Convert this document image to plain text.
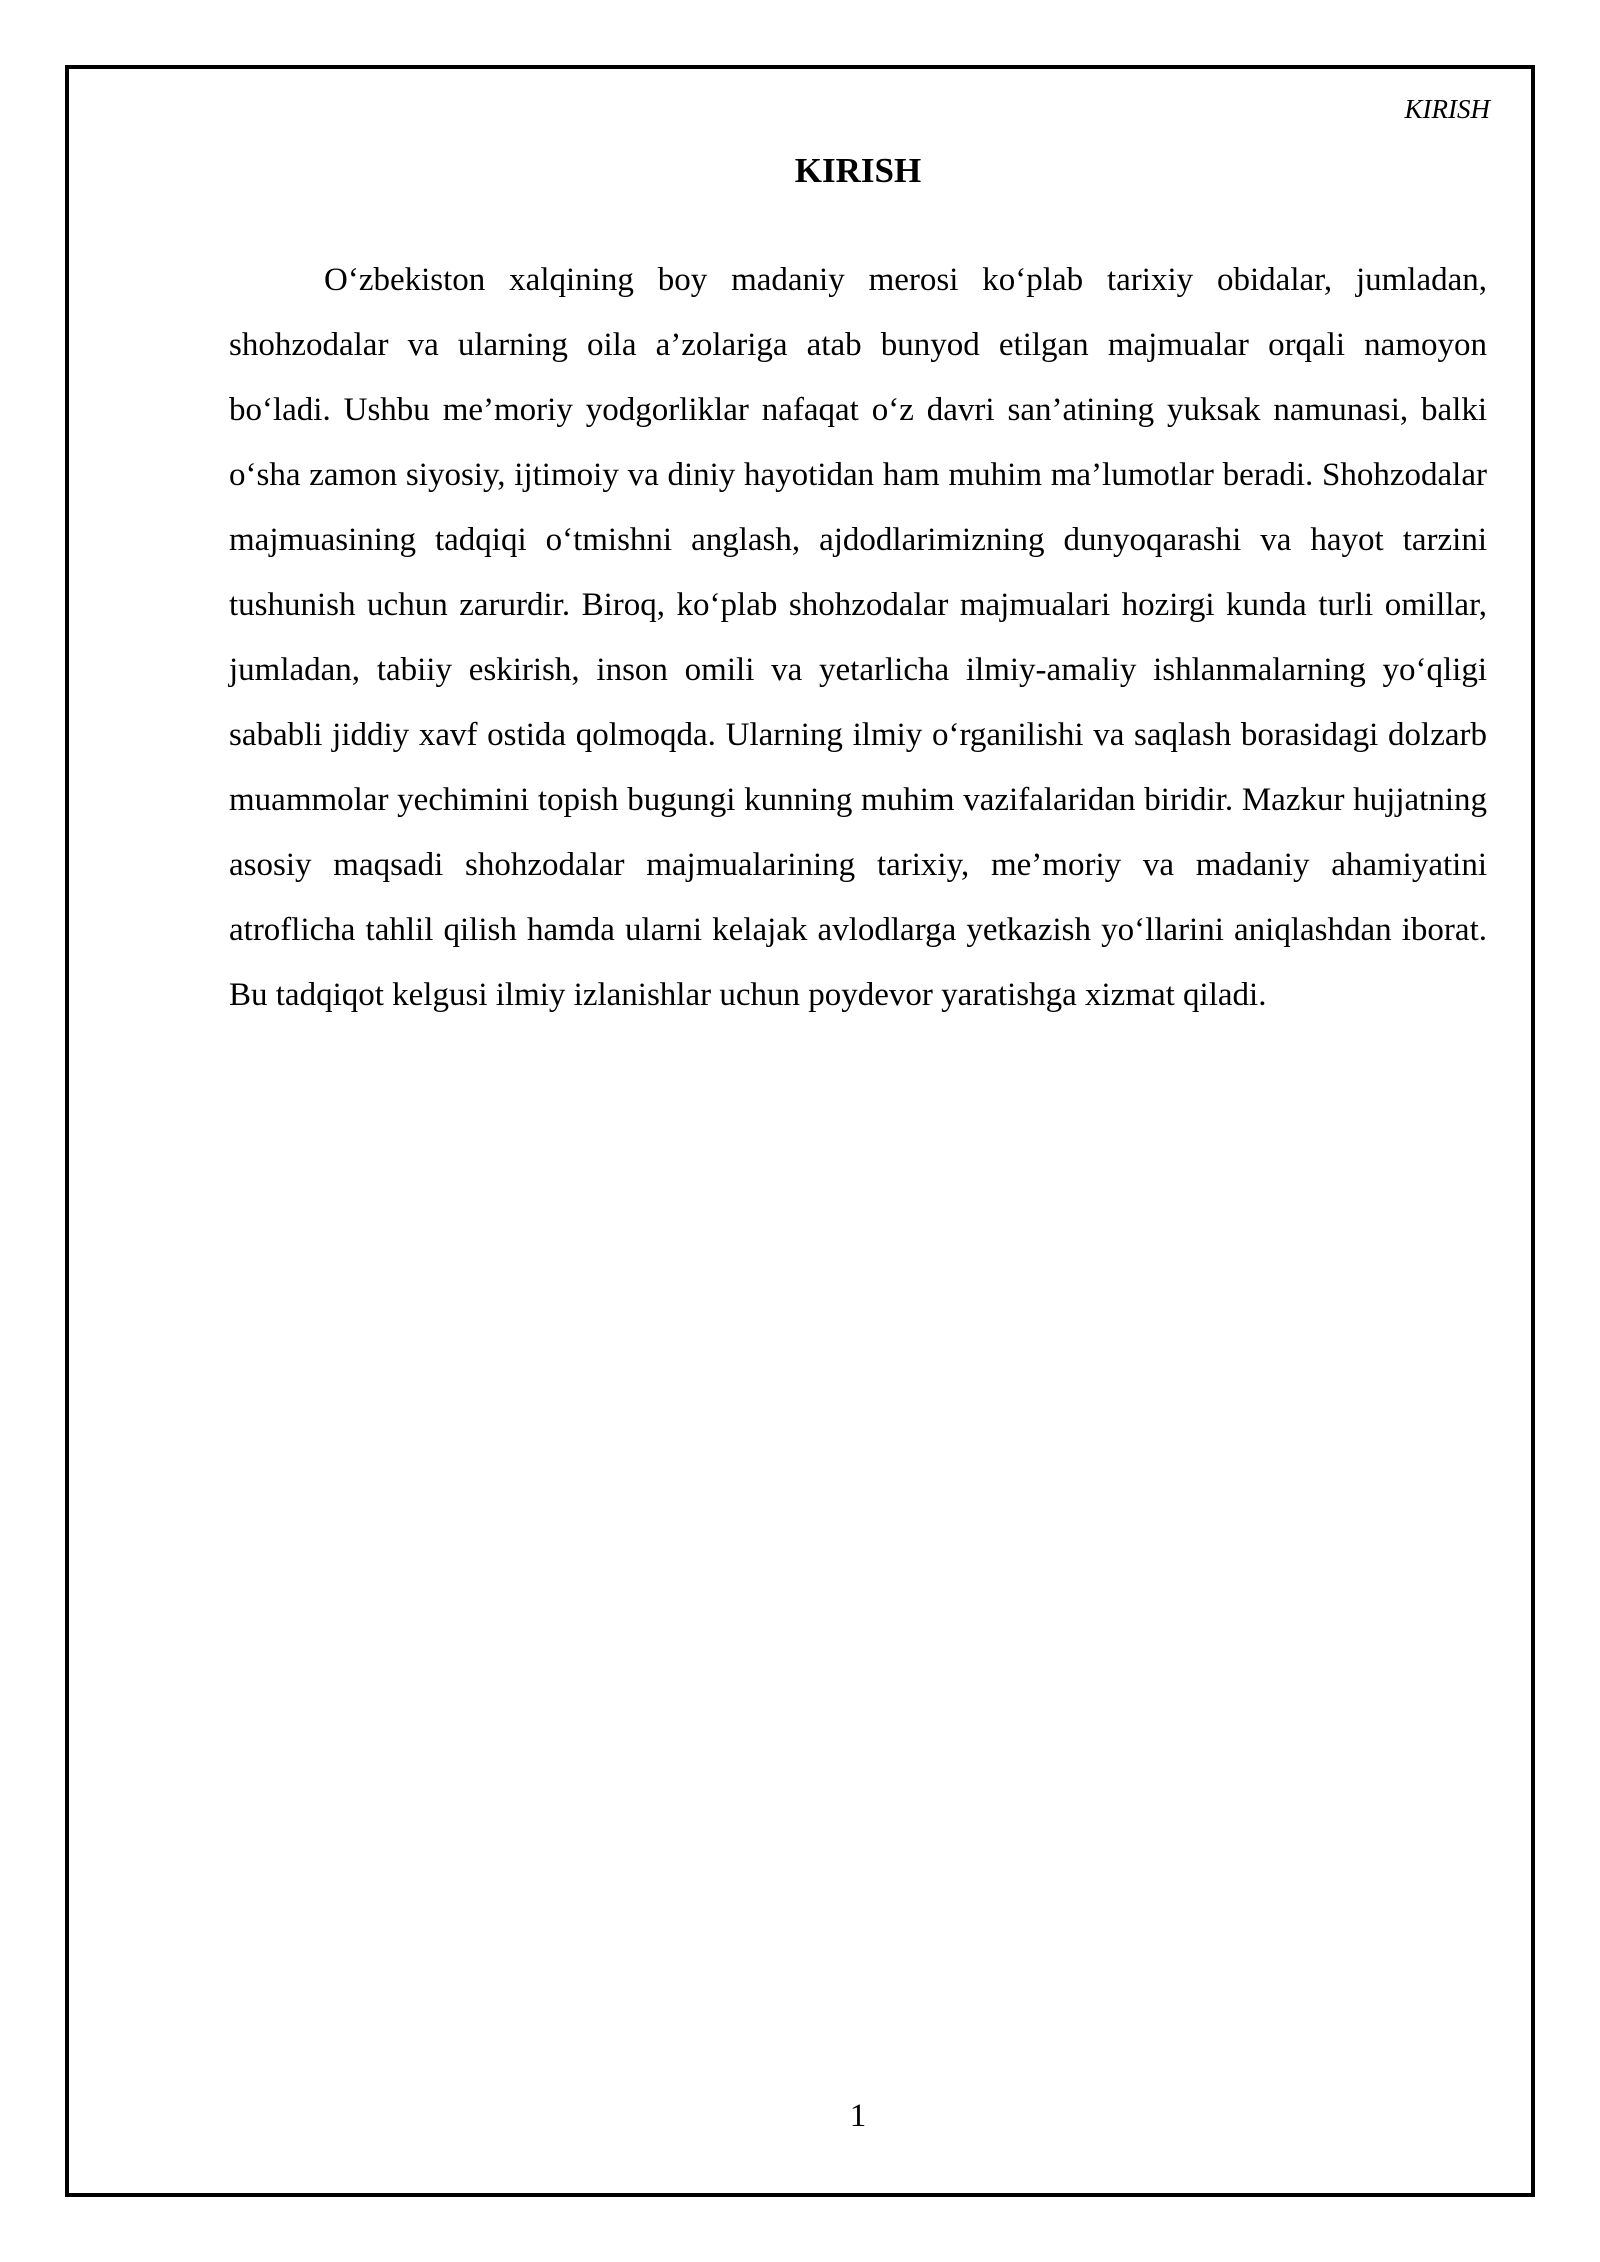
KIRISH
KIRISH

O‘zbekiston xalqining boy madaniy merosi ko‘plab tarixiy obidalar, jumladan, shohzodalar va ularning oila a’zolariga atab bunyod etilgan majmualar orqali namoyon bo‘ladi. Ushbu me’moriy yodgorliklar nafaqat o‘z davri san’atining yuksak namunasi, balki o‘sha zamon siyosiy, ijtimoiy va diniy hayotidan ham muhim ma’lumotlar beradi. Shohzodalar majmuasining tadqiqi o‘tmishni anglash, ajdodlarimizning dunyoqarashi va hayot tarzini tushunish uchun zarurdir. Biroq, ko‘plab shohzodalar majmualari hozirgi kunda turli omillar, jumladan, tabiiy eskirish, inson omili va yetarlicha ilmiy-amaliy ishlanmalarning yo‘qligi sababli jiddiy xavf ostida qolmoqda. Ularning ilmiy o‘rganilishi va saqlash borasidagi dolzarb muammolar yechimini topish bugungi kunning muhim vazifalaridan biridir. Mazkur hujjatning asosiy maqsadi shohzodalar majmualarining tarixiy, me’moriy va madaniy ahamiyatini atroflicha tahlil qilish hamda ularni kelajak avlodlarga yetkazish yo‘llarini aniqlashdan iborat. Bu tadqiqot kelgusi ilmiy izlanishlar uchun poydevor yaratishga xizmat qiladi.

1
